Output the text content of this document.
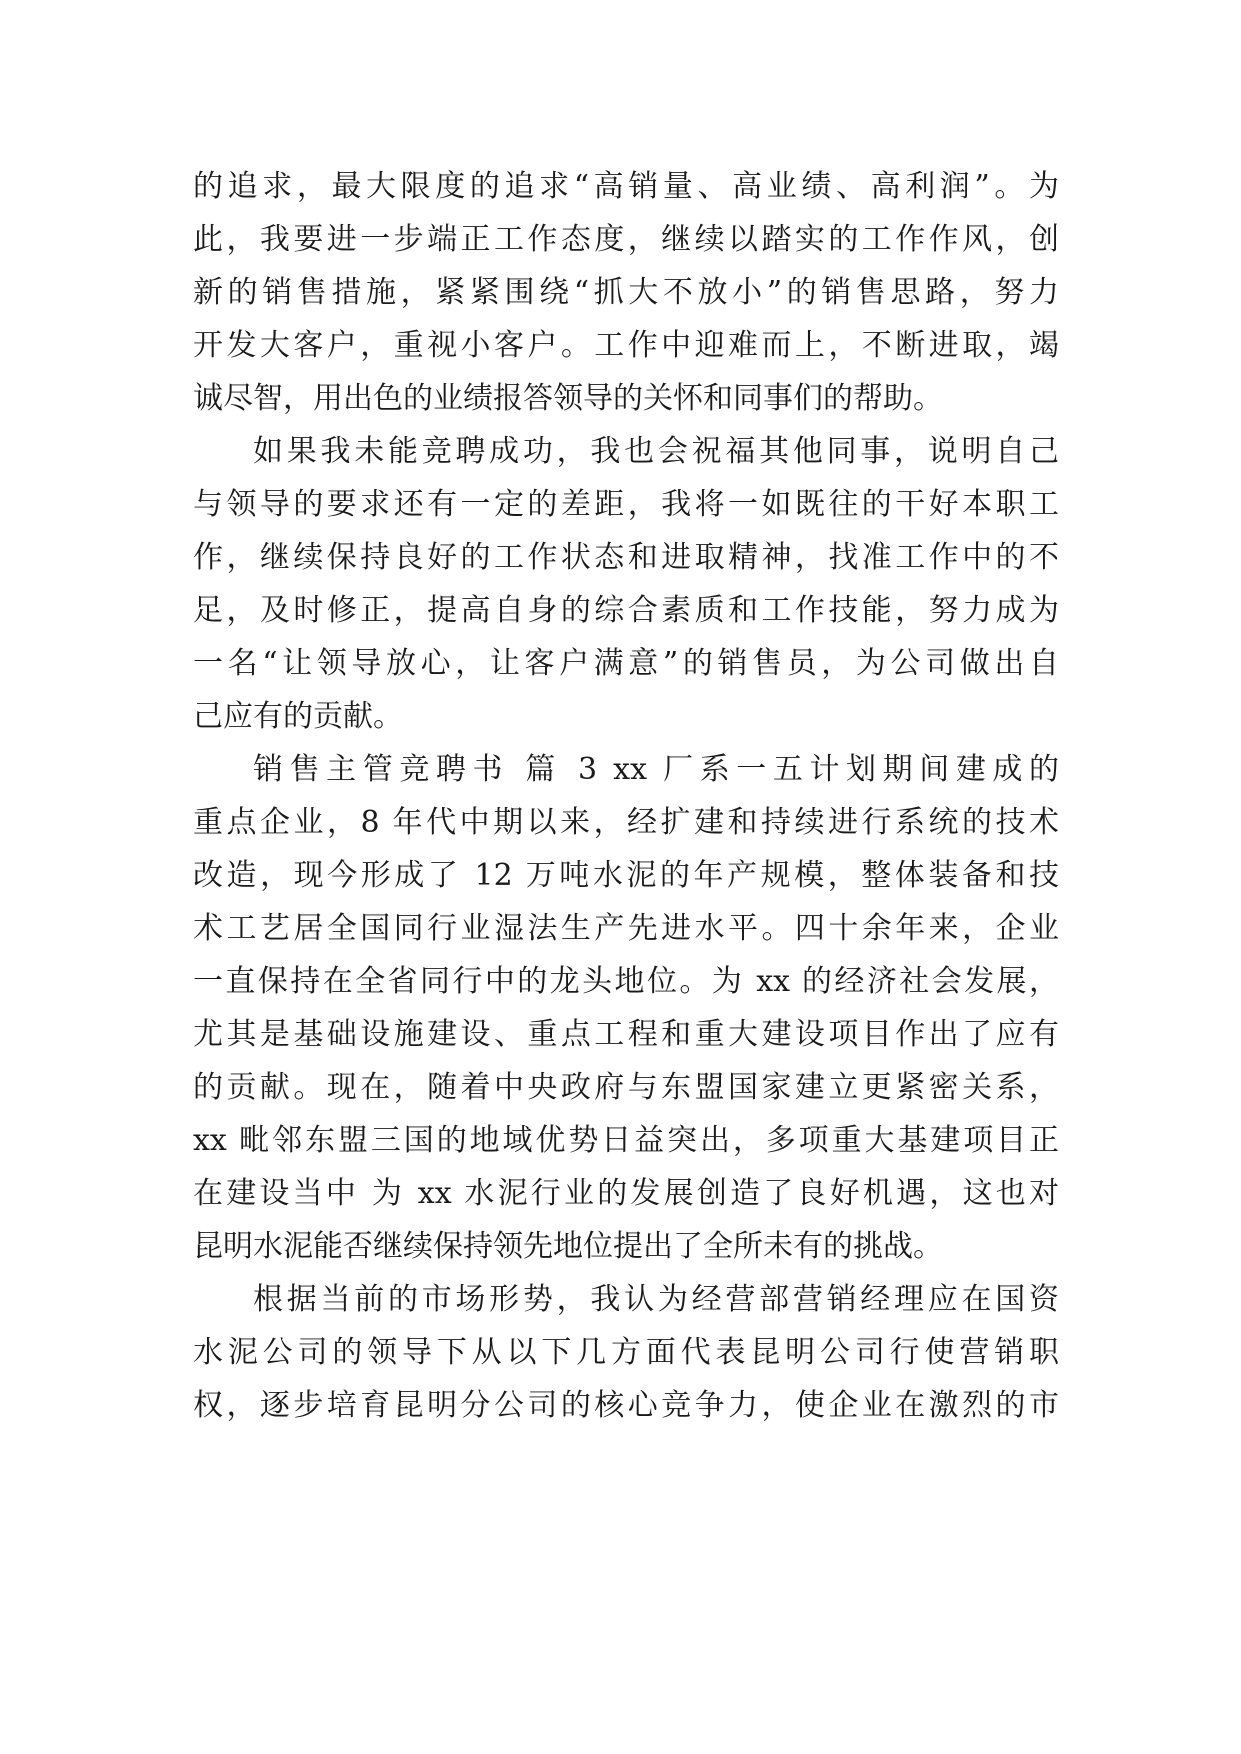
的追求，最大限度的追求“高销量、高业绩、高利润”。为
此，我要进一步端正工作态度，继续以踏实的工作作风，创
新的销售措施，紧紧围绕“抓大不放小”的销售思路，努力
开发大客户，重视小客户。工作中迎难而上，不断进取，竭
诚尽智，用出色的业绩报答领导的关怀和同事们的帮助。
如果我未能竞聘成功，我也会祝福其他同事，说明自己
与领导的要求还有一定的差距，我将一如既往的干好本职工
作，继续保持良好的工作状态和进取精神，找准工作中的不
足，及时修正，提高自身的综合素质和工作技能，努力成为
一名“让领导放心，让客户满意”的销售员，为公司做出自
己应有的贡献。
销售主管竞聘书 篇 3 xx 厂系一五计划期间建成的
重点企业，8 年代中期以来，经扩建和持续进行系统的技术
改造，现今形成了 12 万吨水泥的年产规模，整体装备和技
术工艺居全国同行业湿法生产先进水平。四十余年来，企业
一直保持在全省同行中的龙头地位。为 xx 的经济社会发展，
尤其是基础设施建设、重点工程和重大建设项目作出了应有
的贡献。现在，随着中央政府与东盟国家建立更紧密关系，
xx 毗邻东盟三国的地域优势日益突出，多项重大基建项目正
在建设当中 为 xx 水泥行业的发展创造了良好机遇，这也对
昆明水泥能否继续保持领先地位提出了全所未有的挑战。
根据当前的市场形势，我认为经营部营销经理应在国资
水泥公司的领导下从以下几方面代表昆明公司行使营销职
权，逐步培育昆明分公司的核心竞争力，使企业在激烈的市
